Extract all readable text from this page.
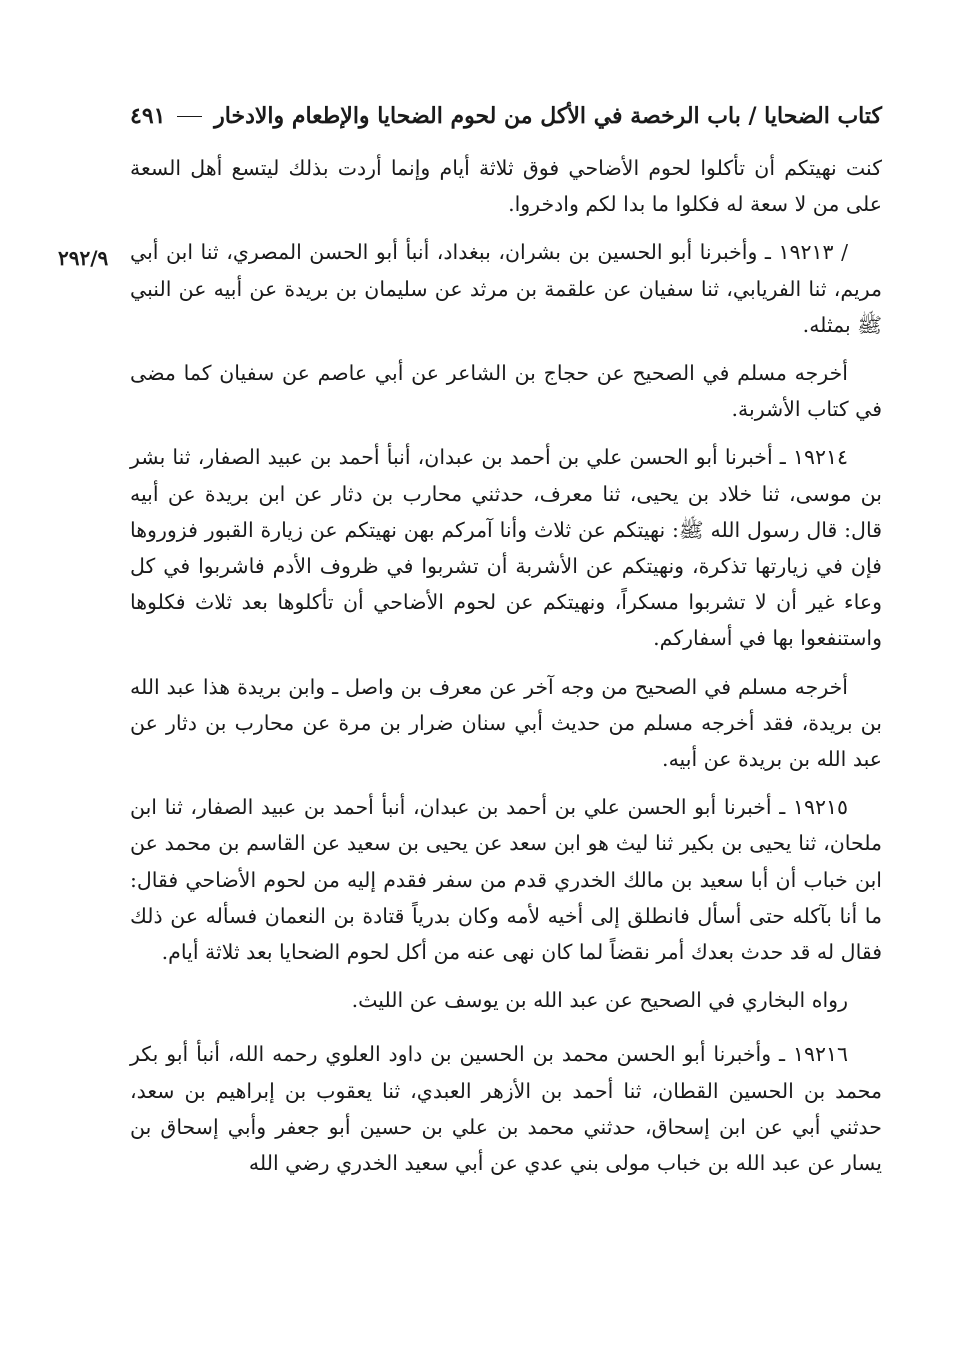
كتاب الضحايا / باب الرخصة في الأكل من لحوم الضحايا والإطعام والادخار
٤٩١
٢٩٢/٩

كنت نهيتكم أن تأكلوا لحوم الأضاحي فوق ثلاثة أيام وإنما أردت بذلك ليتسع أهل السعة على من لا سعة له فكلوا ما بدا لكم وادخروا.

/ ١٩٢١٣ ـ وأخبرنا أبو الحسين بن بشران، ببغداد، أنبأ أبو الحسن المصري، ثنا ابن أبي مريم، ثنا الفريابي، ثنا سفيان عن علقمة بن مرثد عن سليمان بن بريدة عن أبيه عن النبي ﷺ بمثله.

أخرجه مسلم في الصحيح عن حجاج بن الشاعر عن أبي عاصم عن سفيان كما مضى في كتاب الأشربة.

١٩٢١٤ ـ أخبرنا أبو الحسن علي بن أحمد بن عبدان، أنبأ أحمد بن عبيد الصفار، ثنا بشر بن موسى، ثنا خلاد بن يحيى، ثنا معرف، حدثني محارب بن دثار عن ابن بريدة عن أبيه قال: قال رسول الله ﷺ: نهيتكم عن ثلاث وأنا آمركم بهن نهيتكم عن زيارة القبور فزوروها فإن في زيارتها تذكرة، ونهيتكم عن الأشربة أن تشربوا في ظروف الأدم فاشربوا في كل وعاء غير أن لا تشربوا مسكراً، ونهيتكم عن لحوم الأضاحي أن تأكلوها بعد ثلاث فكلوها واستنفعوا بها في أسفاركم.

أخرجه مسلم في الصحيح من وجه آخر عن معرف بن واصل ـ وابن بريدة هذا عبد الله بن بريدة، فقد أخرجه مسلم من حديث أبي سنان ضرار بن مرة عن محارب بن دثار عن عبد الله بن بريدة عن أبيه.

١٩٢١٥ ـ أخبرنا أبو الحسن علي بن أحمد بن عبدان، أنبأ أحمد بن عبيد الصفار، ثنا ابن ملحان، ثنا يحيى بن بكير ثنا ليث هو ابن سعد عن يحيى بن سعيد عن القاسم بن محمد عن ابن خباب أن أبا سعيد بن مالك الخدري قدم من سفر فقدم إليه من لحوم الأضاحي فقال: ما أنا بآكله حتى أسأل فانطلق إلى أخيه لأمه وكان بدرياً قتادة بن النعمان فسأله عن ذلك فقال له قد حدث بعدك أمر نقضاً لما كان نهى عنه من أكل لحوم الضحايا بعد ثلاثة أيام.

رواه البخاري في الصحيح عن عبد الله بن يوسف عن الليث.

١٩٢١٦ ـ وأخبرنا أبو الحسن محمد بن الحسين بن داود العلوي رحمه الله، أنبأ أبو بكر محمد بن الحسين القطان، ثنا أحمد بن الأزهر العبدي، ثنا يعقوب بن إبراهيم بن سعد، حدثني أبي عن ابن إسحاق، حدثني محمد بن علي بن حسين أبو جعفر وأبي إسحاق بن يسار عن عبد الله بن خباب مولى بني عدي عن أبي سعيد الخدري رضي الله
